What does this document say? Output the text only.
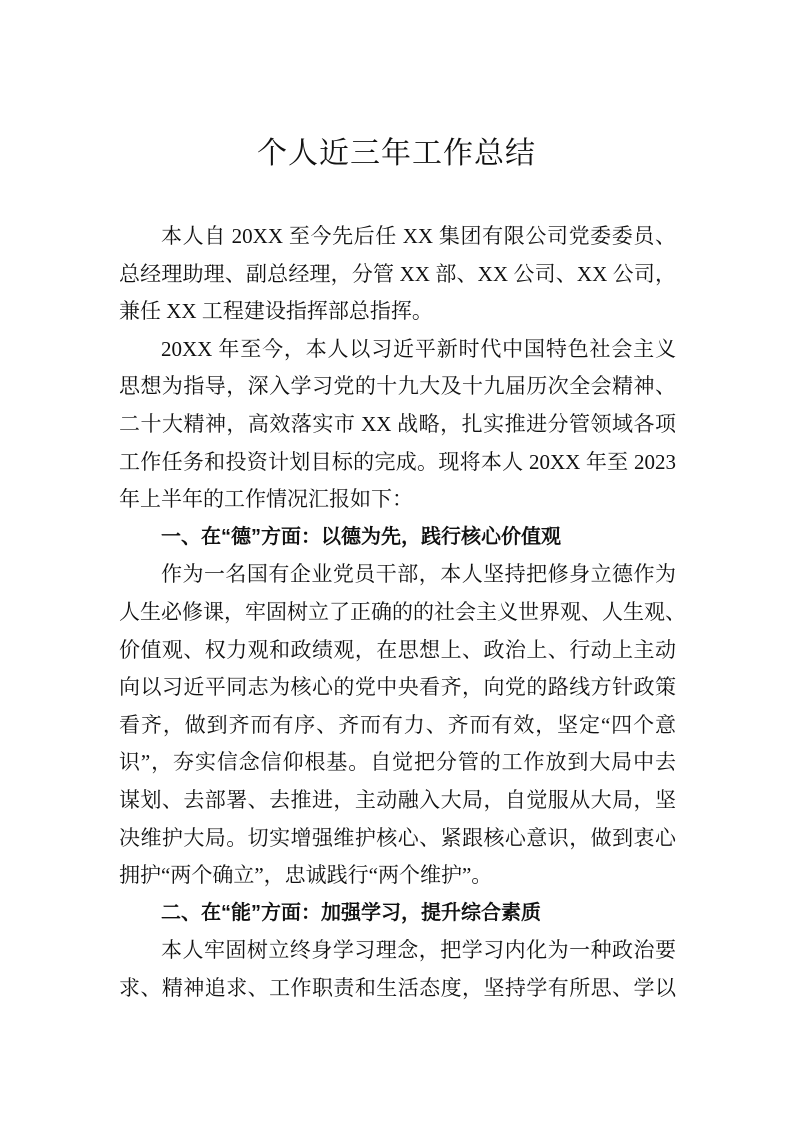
个人近三年工作总结
本人自 20XX 至今先后任 XX 集团有限公司党委委员、
总经理助理、副总经理，分管 XX 部、XX 公司、XX 公司，
兼任 XX 工程建设指挥部总指挥。
20XX 年至今，本人以习近平新时代中国特色社会主义
思想为指导，深入学习党的十九大及十九届历次全会精神、
二十大精神，高效落实市 XX 战略，扎实推进分管领域各项
工作任务和投资计划目标的完成。现将本人 20XX 年至 2023
年上半年的工作情况汇报如下：
一、在“德”方面：以德为先，践行核心价值观
作为一名国有企业党员干部，本人坚持把修身立德作为
人生必修课，牢固树立了正确的的社会主义世界观、人生观、
价值观、权力观和政绩观，在思想上、政治上、行动上主动
向以习近平同志为核心的党中央看齐，向党的路线方针政策
看齐，做到齐而有序、齐而有力、齐而有效，坚定“四个意
识”，夯实信念信仰根基。自觉把分管的工作放到大局中去
谋划、去部署、去推进，主动融入大局，自觉服从大局，坚
决维护大局。切实增强维护核心、紧跟核心意识，做到衷心
拥护“两个确立”，忠诚践行“两个维护”。
二、在“能”方面：加强学习，提升综合素质
本人牢固树立终身学习理念，把学习内化为一种政治要
求、精神追求、工作职责和生活态度，坚持学有所思、学以
